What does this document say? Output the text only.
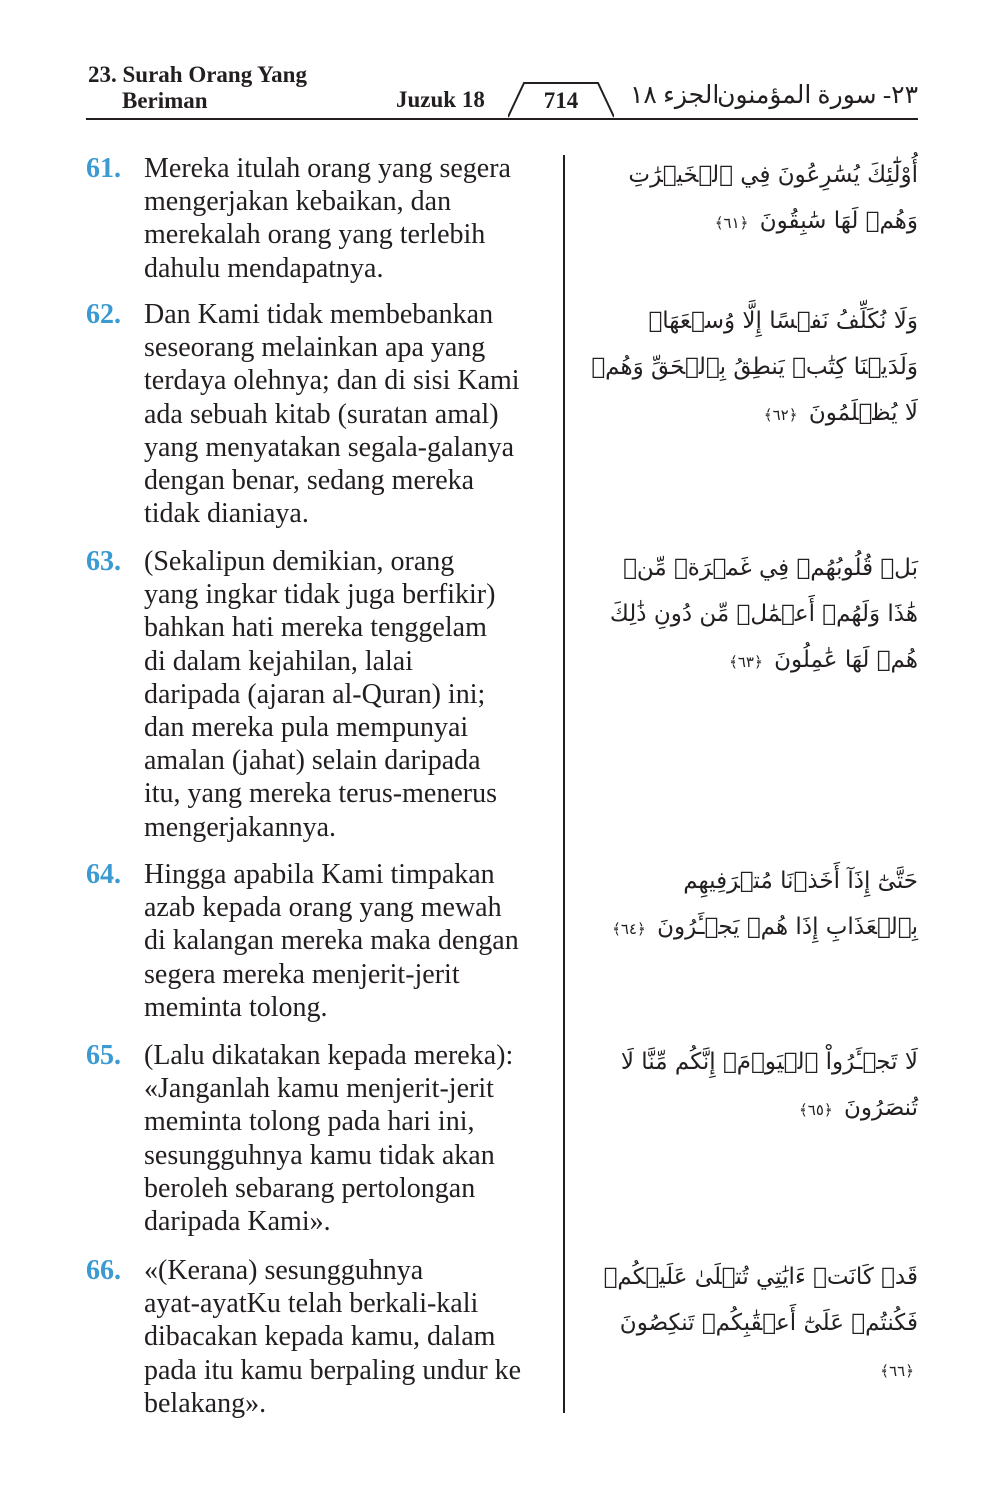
23. Surah Orang Yang
Beriman	Juzuk 18	714	الجزء ١٨
٢٣- سورة المؤمنون
61. Mereka itulah orang yang segera
mengerjakan kebaikan, dan
merekalah orang yang terlebih
dahulu mendapatnya.
أُوْلَٰٓئِكَ يُسَٰرِعُونَ فِي ٱلۡخَيۡرَٰتِ وَهُمۡ لَهَا سَٰبِقُونَ ﴿٦١﴾
62. Dan Kami tidak membebankan
seseorang melainkan apa yang
terdaya olehnya; dan di sisi Kami
ada sebuah kitab (suratan amal)
yang menyatakan segala-galanya
dengan benar, sedang mereka
tidak dianiaya.
وَلَا نُكَلِّفُ نَفۡسًا إِلَّا وُسۡعَهَاۚ وَلَدَيۡنَا كِتَٰبٞ يَنطِقُ بِٱلۡحَقِّ وَهُمۡ لَا يُظۡلَمُونَ ﴿٦٢﴾
63. (Sekalipun demikian, orang
yang ingkar tidak juga berfikir)
bahkan hati mereka tenggelam
di dalam kejahilan, lalai
daripada (ajaran al-Quran) ini;
dan mereka pula mempunyai
amalan (jahat) selain daripada
itu, yang mereka terus-menerus
mengerjakannya.
بَلۡ قُلُوبُهُمۡ فِي غَمۡرَةٖ مِّنۡ هَٰذَا وَلَهُمۡ أَعۡمَٰلٞ مِّن دُونِ ذَٰلِكَ هُمۡ لَهَا عَٰمِلُونَ ﴿٦٣﴾
64. Hingga apabila Kami timpakan
azab kepada orang yang mewah
di kalangan mereka maka dengan
segera mereka menjerit-jerit
meminta tolong.
حَتَّىٰٓ إِذَآ أَخَذۡنَا مُتۡرَفِيهِم بِٱلۡعَذَابِ إِذَا هُمۡ يَجۡـَٔرُونَ ﴿٦٤﴾
65. (Lalu dikatakan kepada mereka):
«Janganlah kamu menjerit-jerit
meminta tolong pada hari ini,
sesungguhnya kamu tidak akan
beroleh sebarang pertolongan
daripada Kami».
لَا تَجۡـَٔرُواْ ٱلۡيَوۡمَۖ إِنَّكُم مِّنَّا لَا تُنصَرُونَ ﴿٦٥﴾
66. «(Kerana) sesungguhnya
ayat-ayatKu telah berkali-kali
dibacakan kepada kamu, dalam
pada itu kamu berpaling undur ke
belakang».
قَدۡ كَانَتۡ ءَايَٰتِي تُتۡلَىٰ عَلَيۡكُمۡ فَكُنتُمۡ عَلَىٰٓ أَعۡقَٰبِكُمۡ تَنكِصُونَ ﴿٦٦﴾
